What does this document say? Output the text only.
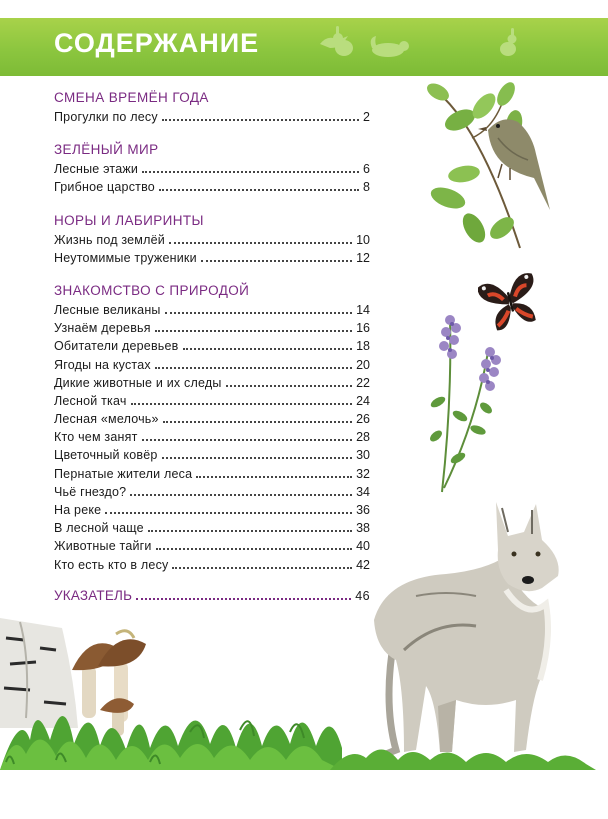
СОДЕРЖАНИЕ
СМЕНА ВРЕМЁН ГОДА
Прогулки по лесу	2
ЗЕЛЁНЫЙ МИР
Лесные этажи	6
Грибное царство	8
НОРЫ И ЛАБИРИНТЫ
Жизнь под землёй	10
Неутомимые труженики	12
ЗНАКОМСТВО С ПРИРОДОЙ
Лесные великаны	14
Узнаём деревья	16
Обитатели деревьев	18
Ягоды на кустах	20
Дикие животные и их следы	22
Лесной ткач	24
Лесная «мелочь»	26
Кто чем занят	28
Цветочный ковёр	30
Пернатые жители леса	32
Чьё гнездо?	34
На реке	36
В лесной чаще	38
Животные тайги	40
Кто есть кто в лесу	42
УКАЗАТЕЛЬ	46
